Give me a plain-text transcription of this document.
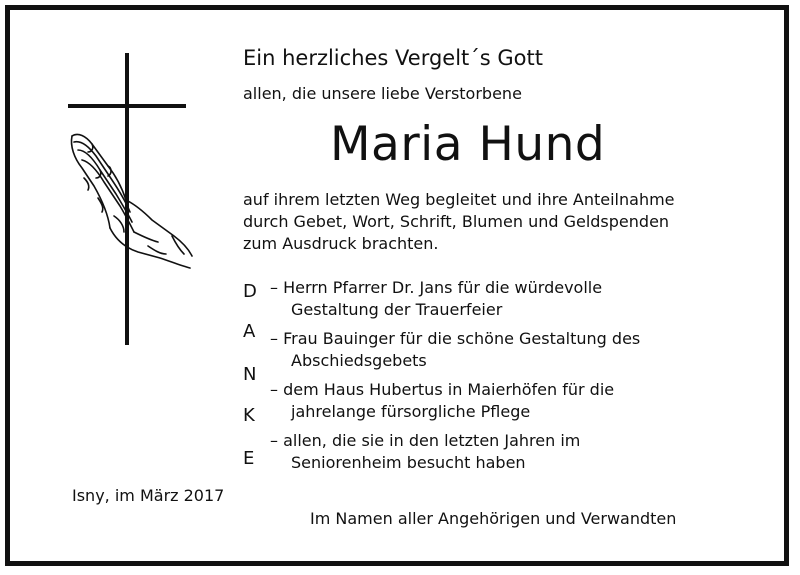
Ein herzliches Vergelt´s Gott
allen, die unsere liebe Verstorbene
Maria Hund
auf ihrem letzten Weg begleitet und ihre Anteilnahme
durch Gebet, Wort, Schrift, Blumen und Geldspenden
zum Ausdruck brachten.
D
A
N
K
E
– Herrn Pfarrer Dr. Jans für die würdevolle
Gestaltung der Trauerfeier
– Frau Bauinger für die schöne Gestaltung des
Abschiedsgebets
– dem Haus Hubertus in Maierhöfen für die
jahrelange fürsorgliche Pflege
– allen, die sie in den letzten Jahren im
Seniorenheim besucht haben
Isny, im März 2017
Im Namen aller Angehörigen und Verwandten
